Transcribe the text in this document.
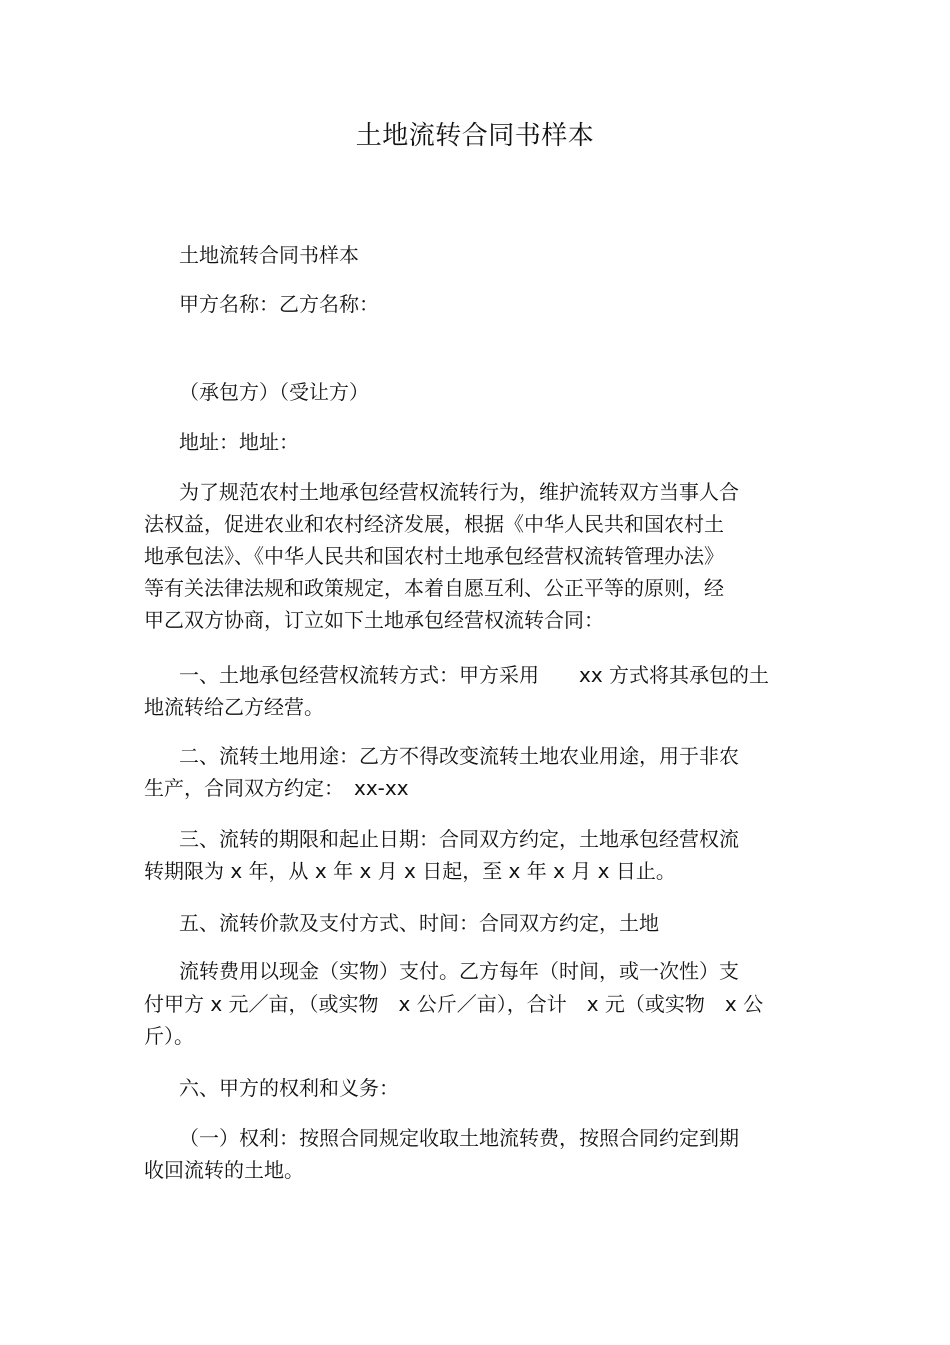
土地流转合同书样本
土地流转合同书样本
甲方名称：乙方名称：
（承包方）（受让方）
地址：地址：
为了规范农村土地承包经营权流转行为，维护流转双方当事人合
法权益，促进农业和农村经济发展，根据《中华人民共和国农村土
地承包法》、《中华人民共和国农村土地承包经营权流转管理办法》
等有关法律法规和政策规定，本着自愿互利、公正平等的原则，经
甲乙双方协商，订立如下土地承包经营权流转合同：
一、土地承包经营权流转方式：甲方采用　　xx 方式将其承包的土
地流转给乙方经营。
二、流转土地用途：乙方不得改变流转土地农业用途，用于非农
生产，合同双方约定：　xx-xx
三、流转的期限和起止日期：合同双方约定，土地承包经营权流
转期限为 x 年，从 x 年 x 月 x 日起，至 x 年 x 月 x 日止。
五、流转价款及支付方式、时间：合同双方约定，土地
流转费用以现金（实物）支付。乙方每年（时间，或一次性）支
付甲方 x 元／亩，（或实物　x 公斤／亩），合计　x 元（或实物　x 公
斤）。
六、甲方的权利和义务：
（一）权利：按照合同规定收取土地流转费，按照合同约定到期
收回流转的土地。
